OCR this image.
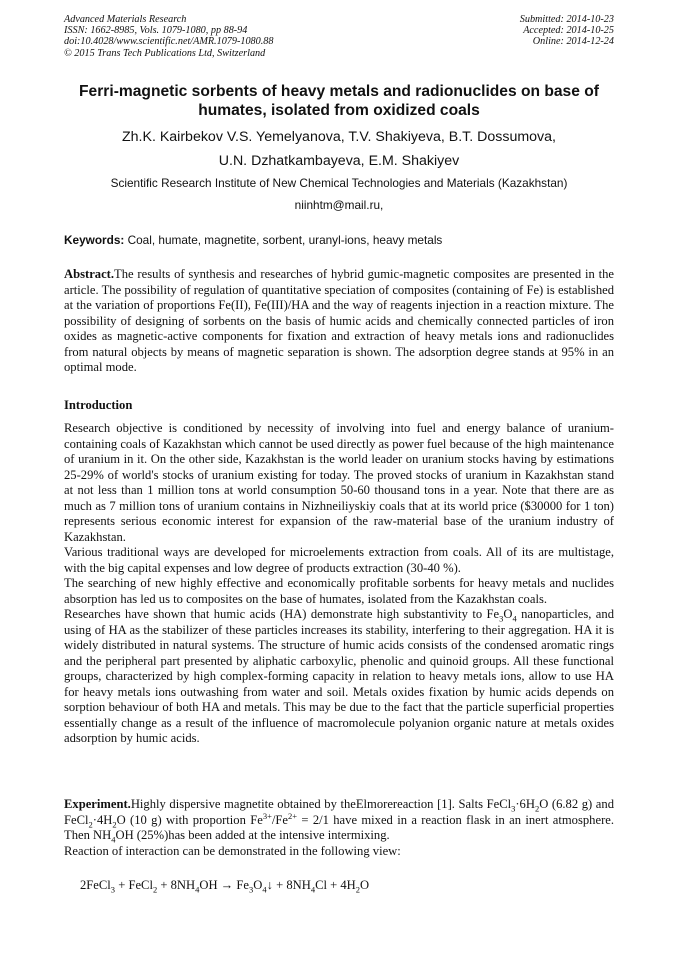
Advanced Materials Research
ISSN: 1662-8985, Vols. 1079-1080, pp 88-94
doi:10.4028/www.scientific.net/AMR.1079-1080.88
© 2015 Trans Tech Publications Ltd, Switzerland
Submitted: 2014-10-23
Accepted: 2014-10-25
Online: 2014-12-24
Ferri-magnetic sorbents of heavy metals and radionuclides on base of
humates, isolated from oxidized coals
Zh.K. Kairbekov V.S. Yemelyanova, T.V. Shakiyeva, B.T. Dossumova,
U.N. Dzhatkambayeva, E.M. Shakiyev
Scientific Research Institute of New Chemical Technologies and Materials (Kazakhstan)
niinhtm@mail.ru,
Keywords: Coal, humate, magnetite, sorbent, uranyl-ions, heavy metals

Abstract.The results of synthesis and researches of hybrid gumic-magnetic composites are presented in the article. The possibility of regulation of quantitative speciation of composites (containing of Fe) is established at the variation of proportions Fe(II), Fe(III)/HA and the way of reagents injection in a reaction mixture. The possibility of designing of sorbents on the basis of humic acids and chemically connected particles of iron oxides as magnetic-active components for fixation and extraction of heavy metals ions and radionuclides from natural objects by means of magnetic separation is shown. The adsorption degree stands at 95% in an optimal mode.

Introduction

Research objective is conditioned by necessity of involving into fuel and energy balance of uranium-containing coals of Kazakhstan which cannot be used directly as power fuel because of the high maintenance of uranium in it. On the other side, Kazakhstan is the world leader on uranium stocks having by estimations 25-29% of world's stocks of uranium existing for today. The proved stocks of uranium in Kazakhstan stand at not less than 1 million tons at world consumption 50-60 thousand tons in a year. Note that there are as much as 7 million tons of uranium contains in Nizhneiliyskiy coals that at its world price ($30000 for 1 ton) represents serious economic interest for expansion of the raw-material base of the uranium industry of Kazakhstan.

Various traditional ways are developed for microelements extraction from coals. All of its are multistage, with the big capital expenses and low degree of products extraction (30-40 %).

The searching of new highly effective and economically profitable sorbents for heavy metals and nuclides absorption has led us to composites on the base of humates, isolated from the Kazakhstan coals.

Researches have shown that humic acids (HA) demonstrate high substantivity to $Fe_3O_4$ nanoparticles, and using of HA as the stabilizer of these particles increases its stability, interfering to their aggregation. HA it is widely distributed in natural systems. The structure of humic acids consists of the condensed aromatic rings and the peripheral part presented by aliphatic carboxylic, phenolic and quinoid groups. All these functional groups, characterized by high complex-forming capacity in relation to heavy metals ions, allow to use HA for heavy metals ions outwashing from water and soil. Metals oxides fixation by humic acids depends on sorption behaviour of both HA and metals. This may be due to the fact that the particle superficial properties essentially change as a result of the influence of macromolecule polyanion organic nature at metals oxides adsorption by humic acids.

Experiment.Highly dispersive magnetite obtained by theElmorereaction [1]. Salts $FeCl_3\cdot 6H_2O$ (6.82 g) and $FeCl_2\cdot 4H_2O$ (10 g) with proportion $Fe^{3+}/Fe^{2+} = 2/1$ have mixed in a reaction flask in an inert atmosphere. Then $NH_4OH$ (25%)has been added at the intensive intermixing.

Reaction of interaction can be demonstrated in the following view:

2FeCl$_3$ + FeCl$_2$ + $8NH_4OH$ → $Fe_3O_4↓ + 8NH_4Cl + 4H_2O$
